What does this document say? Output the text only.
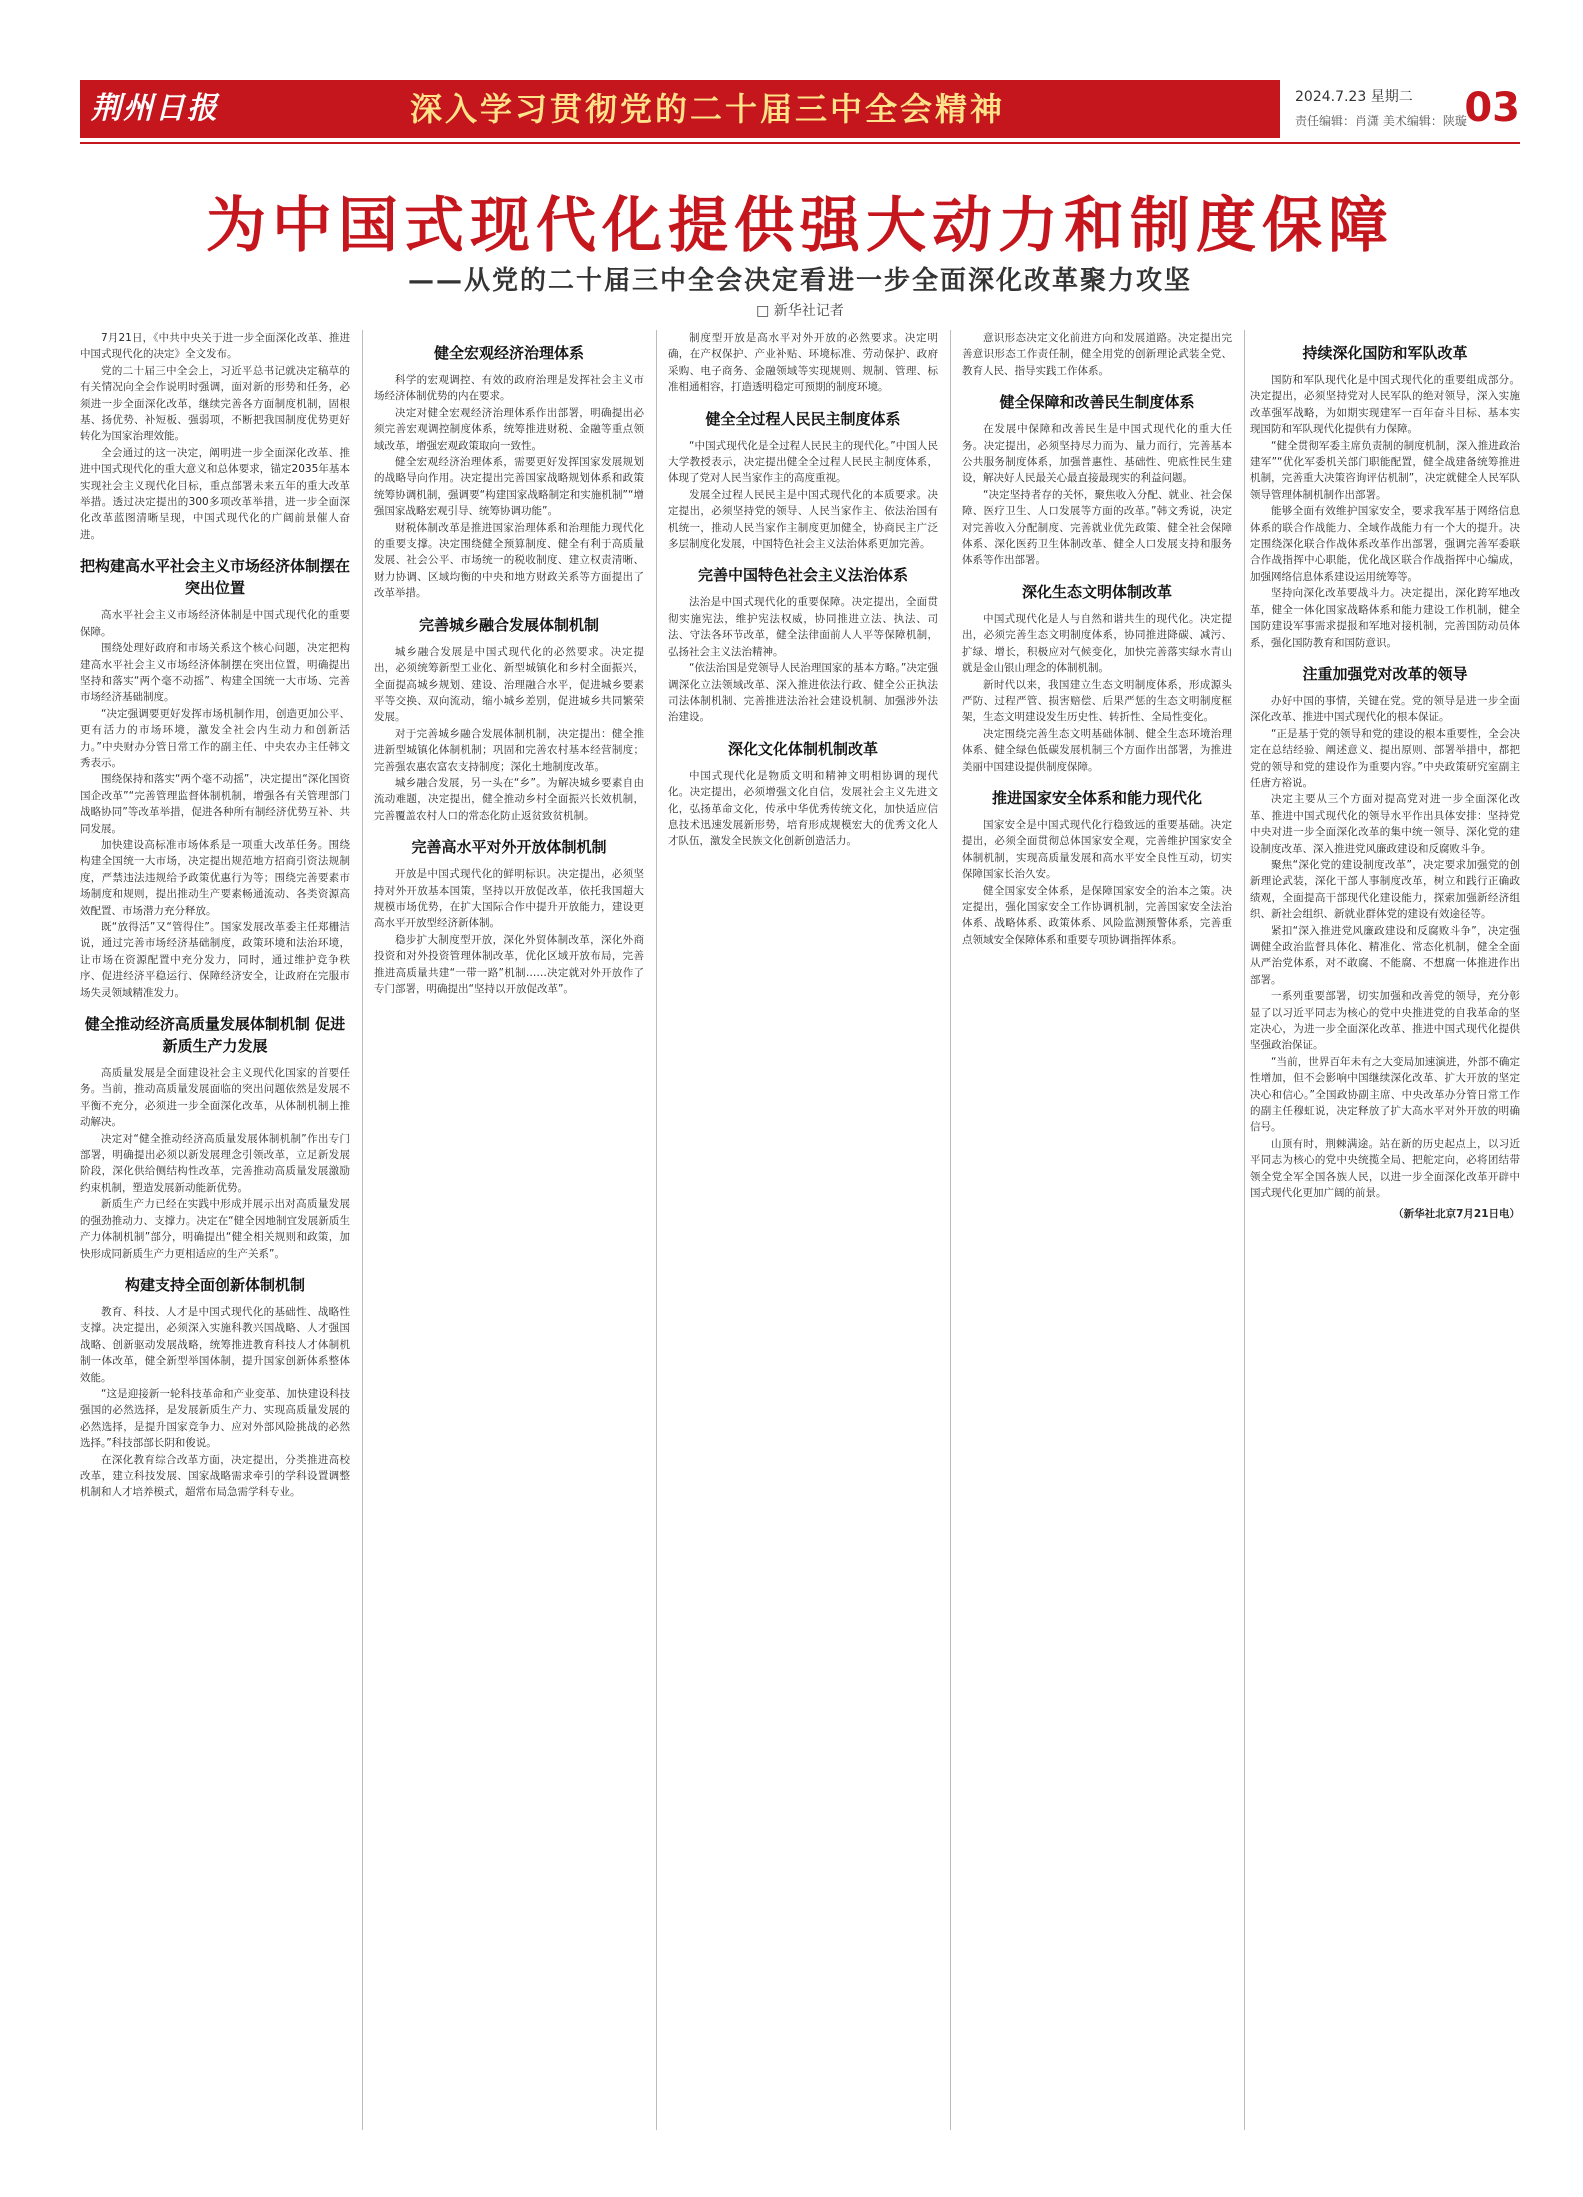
荆州日报	深入学习贯彻党的二十届三中全会精神	2024.7.23 星期二 03
责任编辑：肖潇 美术编辑：陕璇
为中国式现代化提供强大动力和制度保障
——从党的二十届三中全会决定看进一步全面深化改革聚力攻坚
□ 新华社记者

7月21日，《中共中央关于进一步全面深化改革、推进中国式现代化的决定》全文发布。

党的二十届三中全会上，习近平总书记就决定稿草的有关情况向全会作说明时强调，面对新的形势和任务，必须进一步全面深化改革，继续完善各方面制度机制，固根基、扬优势、补短板、强弱项，不断把我国制度优势更好转化为国家治理效能。

全会通过的这一决定，阐明进一步全面深化改革、推进中国式现代化的重大意义和总体要求，锚定2035年基本实现社会主义现代化目标，重点部署未来五年的重大改革举措。透过决定提出的300多项改革举措，进一步全面深化改革蓝图清晰呈现，中国式现代化的广阔前景催人奋进。

把构建高水平社会主义市场经济体制摆在突出位置

高水平社会主义市场经济体制是中国式现代化的重要保障。

围绕处理好政府和市场关系这个核心问题，决定把构建高水平社会主义市场经济体制摆在突出位置，明确提出坚持和落实“两个毫不动摇”、构建全国统一大市场、完善市场经济基础制度。

“决定强调要更好发挥市场机制作用，创造更加公平、更有活力的市场环境，激发全社会内生动力和创新活力。”中央财办分管日常工作的副主任、中央农办主任韩文秀表示。

围绕保持和落实“两个毫不动摇”，决定提出“深化国资国企改革”“完善管理监督体制机制，增强各有关管理部门战略协同”等改革举措，促进各种所有制经济优势互补、共同发展。

加快建设高标准市场体系是一项重大改革任务。围绕构建全国统一大市场，决定提出规范地方招商引资法规制度，严禁违法违规给予政策优惠行为等；围绕完善要素市场制度和规则，提出推动生产要素畅通流动、各类资源高效配置、市场潜力充分释放。

既“放得活”又“管得住”。国家发展改革委主任郑栅洁说，通过完善市场经济基础制度，政策环境和法治环境，让市场在资源配置中充分发力，同时，通过维护竞争秩序、促进经济平稳运行、保障经济安全，让政府在完服市场失灵领域精准发力。

健全推动经济高质量发展体制机制 促进新质生产力发展

高质量发展是全面建设社会主义现代化国家的首要任务。当前，推动高质量发展面临的突出问题依然是发展不平衡不充分，必须进一步全面深化改革，从体制机制上推动解决。

决定对“健全推动经济高质量发展体制机制”作出专门部署，明确提出必须以新发展理念引领改革，立足新发展阶段，深化供给侧结构性改革，完善推动高质量发展激励约束机制，塑造发展新动能新优势。

新质生产力已经在实践中形成并展示出对高质量发展的强劲推动力、支撑力。决定在“健全因地制宜发展新质生产力体制机制”部分，明确提出“健全相关规则和政策，加快形成同新质生产力更相适应的生产关系”。

构建支持全面创新体制机制

教育、科技、人才是中国式现代化的基础性、战略性支撑。决定提出，必须深入实施科教兴国战略、人才强国战略、创新驱动发展战略，统筹推进教育科技人才体制机制一体改革，健全新型举国体制，提升国家创新体系整体效能。

“这是迎接新一轮科技革命和产业变革、加快建设科技强国的必然选择，是发展新质生产力、实现高质量发展的必然选择，是提升国家竞争力、应对外部风险挑战的必然选择。”科技部部长阴和俊说。

在深化教育综合改革方面，决定提出，分类推进高校改革，建立科技发展、国家战略需求牵引的学科设置调整机制和人才培养模式，超常布局急需学科专业。

健全宏观经济治理体系

科学的宏观调控、有效的政府治理是发挥社会主义市场经济体制优势的内在要求。

决定对健全宏观经济治理体系作出部署，明确提出必须完善宏观调控制度体系，统筹推进财税、金融等重点领域改革，增强宏观政策取向一致性。

健全宏观经济治理体系，需要更好发挥国家发展规划的战略导向作用。决定提出完善国家战略规划体系和政策统筹协调机制，强调要“构建国家战略制定和实施机制”“增强国家战略宏观引导、统筹协调功能”。

财税体制改革是推进国家治理体系和治理能力现代化的重要支撑。决定围绕健全预算制度、健全有利于高质量发展、社会公平、市场统一的税收制度、建立权责清晰、财力协调、区域均衡的中央和地方财政关系等方面提出了改革举措。

完善城乡融合发展体制机制

城乡融合发展是中国式现代化的必然要求。决定提出，必须统筹新型工业化、新型城镇化和乡村全面振兴，全面提高城乡规划、建设、治理融合水平，促进城乡要素平等交换、双向流动，缩小城乡差别，促进城乡共同繁荣发展。

对于完善城乡融合发展体制机制，决定提出：健全推进新型城镇化体制机制；巩固和完善农村基本经营制度；完善强农惠农富农支持制度；深化土地制度改革。

城乡融合发展，另一头在“乡”。为解决城乡要素自由流动难题，决定提出，健全推动乡村全面振兴长效机制，完善覆盖农村人口的常态化防止返贫致贫机制。

完善高水平对外开放体制机制

开放是中国式现代化的鲜明标识。决定提出，必须坚持对外开放基本国策，坚持以开放促改革，依托我国超大规模市场优势，在扩大国际合作中提升开放能力，建设更高水平开放型经济新体制。

稳步扩大制度型开放，深化外贸体制改革，深化外商投资和对外投资管理体制改革，优化区域开放布局，完善推进高质量共建“一带一路”机制……决定就对外开放作了专门部署，明确提出“坚持以开放促改革”。

制度型开放是高水平对外开放的必然要求。决定明确，在产权保护、产业补贴、环境标准、劳动保护、政府采购、电子商务、金融领域等实现规则、规制、管理、标准相通相容，打造透明稳定可预期的制度环境。

健全全过程人民民主制度体系

“中国式现代化是全过程人民民主的现代化。”中国人民大学教授表示，决定提出健全全过程人民民主制度体系，体现了党对人民当家作主的高度重视。

发展全过程人民民主是中国式现代化的本质要求。决定提出，必须坚持党的领导、人民当家作主、依法治国有机统一，推动人民当家作主制度更加健全，协商民主广泛多层制度化发展，中国特色社会主义法治体系更加完善。

完善中国特色社会主义法治体系

法治是中国式现代化的重要保障。决定提出，全面贯彻实施宪法，维护宪法权威，协同推进立法、执法、司法、守法各环节改革，健全法律面前人人平等保障机制，弘扬社会主义法治精神。

“依法治国是党领导人民治理国家的基本方略。”决定强调深化立法领域改革、深入推进依法行政、健全公正执法司法体制机制、完善推进法治社会建设机制、加强涉外法治建设。

深化文化体制机制改革

中国式现代化是物质文明和精神文明相协调的现代化。决定提出，必须增强文化自信，发展社会主义先进文化，弘扬革命文化，传承中华优秀传统文化，加快适应信息技术迅速发展新形势，培育形成规模宏大的优秀文化人才队伍，激发全民族文化创新创造活力。

意识形态决定文化前进方向和发展道路。决定提出完善意识形态工作责任制，健全用党的创新理论武装全党、教育人民、指导实践工作体系。

健全保障和改善民生制度体系

在发展中保障和改善民生是中国式现代化的重大任务。决定提出，必须坚持尽力而为、量力而行，完善基本公共服务制度体系，加强普惠性、基础性、兜底性民生建设，解决好人民最关心最直接最现实的利益问题。

“决定坚持者存的关怀，聚焦收入分配、就业、社会保障、医疗卫生、人口发展等方面的改革。”韩文秀说，决定对完善收入分配制度、完善就业优先政策、健全社会保障体系、深化医药卫生体制改革、健全人口发展支持和服务体系等作出部署。

深化生态文明体制改革

中国式现代化是人与自然和谐共生的现代化。决定提出，必须完善生态文明制度体系，协同推进降碳、减污、扩绿、增长，积极应对气候变化，加快完善落实绿水青山就是金山银山理念的体制机制。

新时代以来，我国建立生态文明制度体系，形成源头严防、过程严管、损害赔偿、后果严惩的生态文明制度框架，生态文明建设发生历史性、转折性、全局性变化。

决定围绕完善生态文明基础体制、健全生态环境治理体系、健全绿色低碳发展机制三个方面作出部署，为推进美丽中国建设提供制度保障。

推进国家安全体系和能力现代化

国家安全是中国式现代化行稳致远的重要基础。决定提出，必须全面贯彻总体国家安全观，完善维护国家安全体制机制，实现高质量发展和高水平安全良性互动，切实保障国家长治久安。

健全国家安全体系，是保障国家安全的治本之策。决定提出，强化国家安全工作协调机制，完善国家安全法治体系、战略体系、政策体系、风险监测预警体系，完善重点领域安全保障体系和重要专项协调指挥体系。

持续深化国防和军队改革

国防和军队现代化是中国式现代化的重要组成部分。决定提出，必须坚持党对人民军队的绝对领导，深入实施改革强军战略，为如期实现建军一百年奋斗目标、基本实现国防和军队现代化提供有力保障。

“健全贯彻军委主席负责制的制度机制，深入推进政治建军”“优化军委机关部门职能配置，健全战建备统筹推进机制，完善重大决策咨询评估机制”，决定就健全人民军队领导管理体制机制作出部署。

能够全面有效维护国家安全，要求我军基于网络信息体系的联合作战能力、全域作战能力有一个大的提升。决定围绕深化联合作战体系改革作出部署，强调完善军委联合作战指挥中心职能，优化战区联合作战指挥中心编成，加强网络信息体系建设运用统筹等。

坚持向深化改革要战斗力。决定提出，深化跨军地改革，健全一体化国家战略体系和能力建设工作机制，健全国防建设军事需求提报和军地对接机制，完善国防动员体系，强化国防教育和国防意识。

注重加强党对改革的领导

办好中国的事情，关键在党。党的领导是进一步全面深化改革、推进中国式现代化的根本保证。

“正是基于党的领导和党的建设的根本重要性，全会决定在总结经验、阐述意义、提出原则、部署举措中，都把党的领导和党的建设作为重要内容。”中央政策研究室副主任唐方裕说。

决定主要从三个方面对提高党对进一步全面深化改革、推进中国式现代化的领导水平作出具体安排：坚持党中央对进一步全面深化改革的集中统一领导、深化党的建设制度改革、深入推进党风廉政建设和反腐败斗争。

聚焦“深化党的建设制度改革”，决定要求加强党的创新理论武装，深化干部人事制度改革，树立和践行正确政绩观，全面提高干部现代化建设能力，探索加强新经济组织、新社会组织、新就业群体党的建设有效途径等。

紧扣“深入推进党风廉政建设和反腐败斗争”，决定强调健全政治监督具体化、精准化、常态化机制，健全全面从严治党体系，对不敢腐、不能腐、不想腐一体推进作出部署。

一系列重要部署，切实加强和改善党的领导，充分彰显了以习近平同志为核心的党中央推进党的自我革命的坚定决心，为进一步全面深化改革、推进中国式现代化提供坚强政治保证。

“当前，世界百年未有之大变局加速演进，外部不确定性增加，但不会影响中国继续深化改革、扩大开放的坚定决心和信心。”全国政协副主席、中央改革办分管日常工作的副主任穆虹说，决定释放了扩大高水平对外开放的明确信号。

山顶有时，荆棘满途。站在新的历史起点上，以习近平同志为核心的党中央统揽全局、把舵定向，必将团结带领全党全军全国各族人民，以进一步全面深化改革开辟中国式现代化更加广阔的前景。

（新华社北京7月21日电）
